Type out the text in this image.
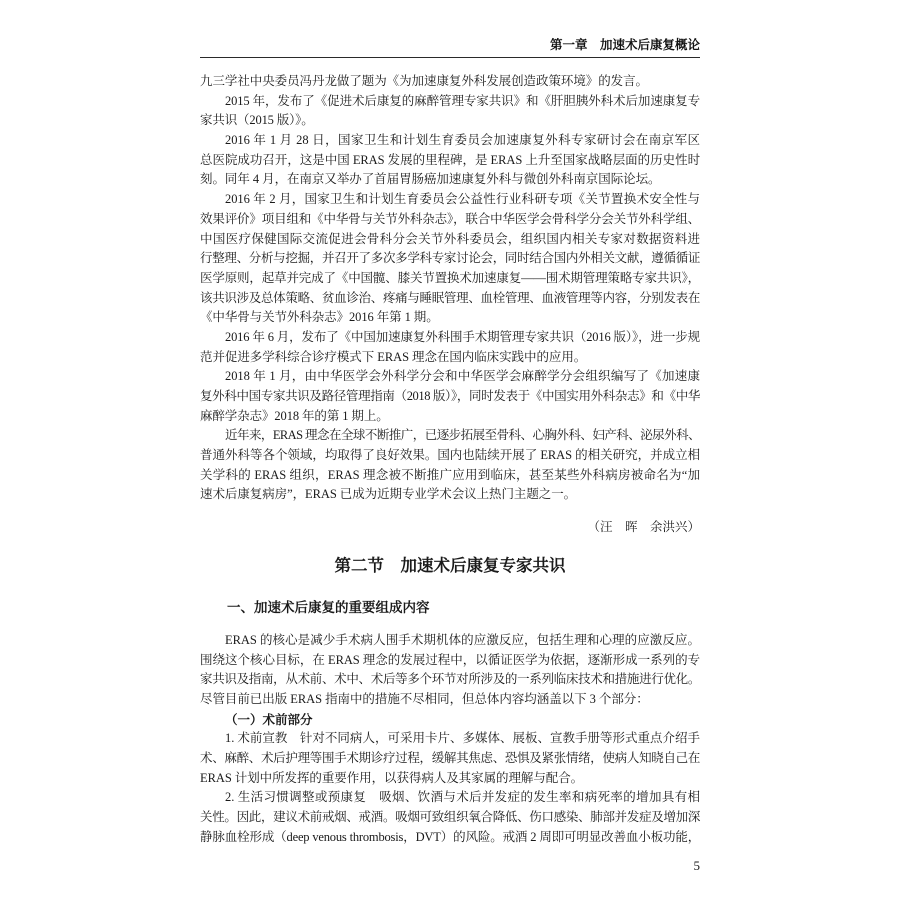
第一章　加速术后康复概论
九三学社中央委员冯丹龙做了题为《为加速康复外科发展创造政策环境》的发言。
2015 年，发布了《促进术后康复的麻醉管理专家共识》和《肝胆胰外科术后加速康复专
家共识（2015 版）》。
2016 年 1 月 28 日，国家卫生和计划生育委员会加速康复外科专家研讨会在南京军区
总医院成功召开，这是中国 ERAS 发展的里程碑，是 ERAS 上升至国家战略层面的历史性时
刻。同年 4 月，在南京又举办了首届胃肠癌加速康复外科与微创外科南京国际论坛。
2016 年 2 月，国家卫生和计划生育委员会公益性行业科研专项《关节置换术安全性与
效果评价》项目组和《中华骨与关节外科杂志》，联合中华医学会骨科学分会关节外科学组、
中国医疗保健国际交流促进会骨科分会关节外科委员会，组织国内相关专家对数据资料进
行整理、分析与挖掘，并召开了多次多学科专家讨论会，同时结合国内外相关文献，遵循循证
医学原则，起草并完成了《中国髋、膝关节置换术加速康复——围术期管理策略专家共识》，
该共识涉及总体策略、贫血诊治、疼痛与睡眠管理、血栓管理、血液管理等内容，分别发表在
《中华骨与关节外科杂志》2016 年第 1 期。
2016 年 6 月，发布了《中国加速康复外科围手术期管理专家共识（2016 版）》，进一步规
范并促进多学科综合诊疗模式下 ERAS 理念在国内临床实践中的应用。
2018 年 1 月，由中华医学会外科学分会和中华医学会麻醉学分会组织编写了《加速康
复外科中国专家共识及路径管理指南（2018 版）》，同时发表于《中国实用外科杂志》和《中华
麻醉学杂志》2018 年的第 1 期上。
近年来，ERAS 理念在全球不断推广，已逐步拓展至骨科、心胸外科、妇产科、泌尿外科、
普通外科等各个领域，均取得了良好效果。国内也陆续开展了 ERAS 的相关研究，并成立相
关学科的 ERAS 组织，ERAS 理念被不断推广应用到临床，甚至某些外科病房被命名为“加
速术后康复病房”，ERAS 已成为近期专业学术会议上热门主题之一。
（汪　晖　余洪兴）
第二节　加速术后康复专家共识
一、加速术后康复的重要组成内容
ERAS 的核心是减少手术病人围手术期机体的应激反应，包括生理和心理的应激反应。
围绕这个核心目标，在 ERAS 理念的发展过程中，以循证医学为依据，逐渐形成一系列的专
家共识及指南，从术前、术中、术后等多个环节对所涉及的一系列临床技术和措施进行优化。
尽管目前已出版 ERAS 指南中的措施不尽相同，但总体内容均涵盖以下 3 个部分：
（一）术前部分
1. 术前宣教　针对不同病人，可采用卡片、多媒体、展板、宣教手册等形式重点介绍手
术、麻醉、术后护理等围手术期诊疗过程，缓解其焦虑、恐惧及紧张情绪，使病人知晓自己在
ERAS 计划中所发挥的重要作用，以获得病人及其家属的理解与配合。
2. 生活习惯调整或预康复　吸烟、饮酒与术后并发症的发生率和病死率的增加具有相
关性。因此，建议术前戒烟、戒酒。吸烟可致组织氧合降低、伤口感染、肺部并发症及增加深
静脉血栓形成（deep venous thrombosis，DVT）的风险。戒酒 2 周即可明显改善血小板功能，
5
